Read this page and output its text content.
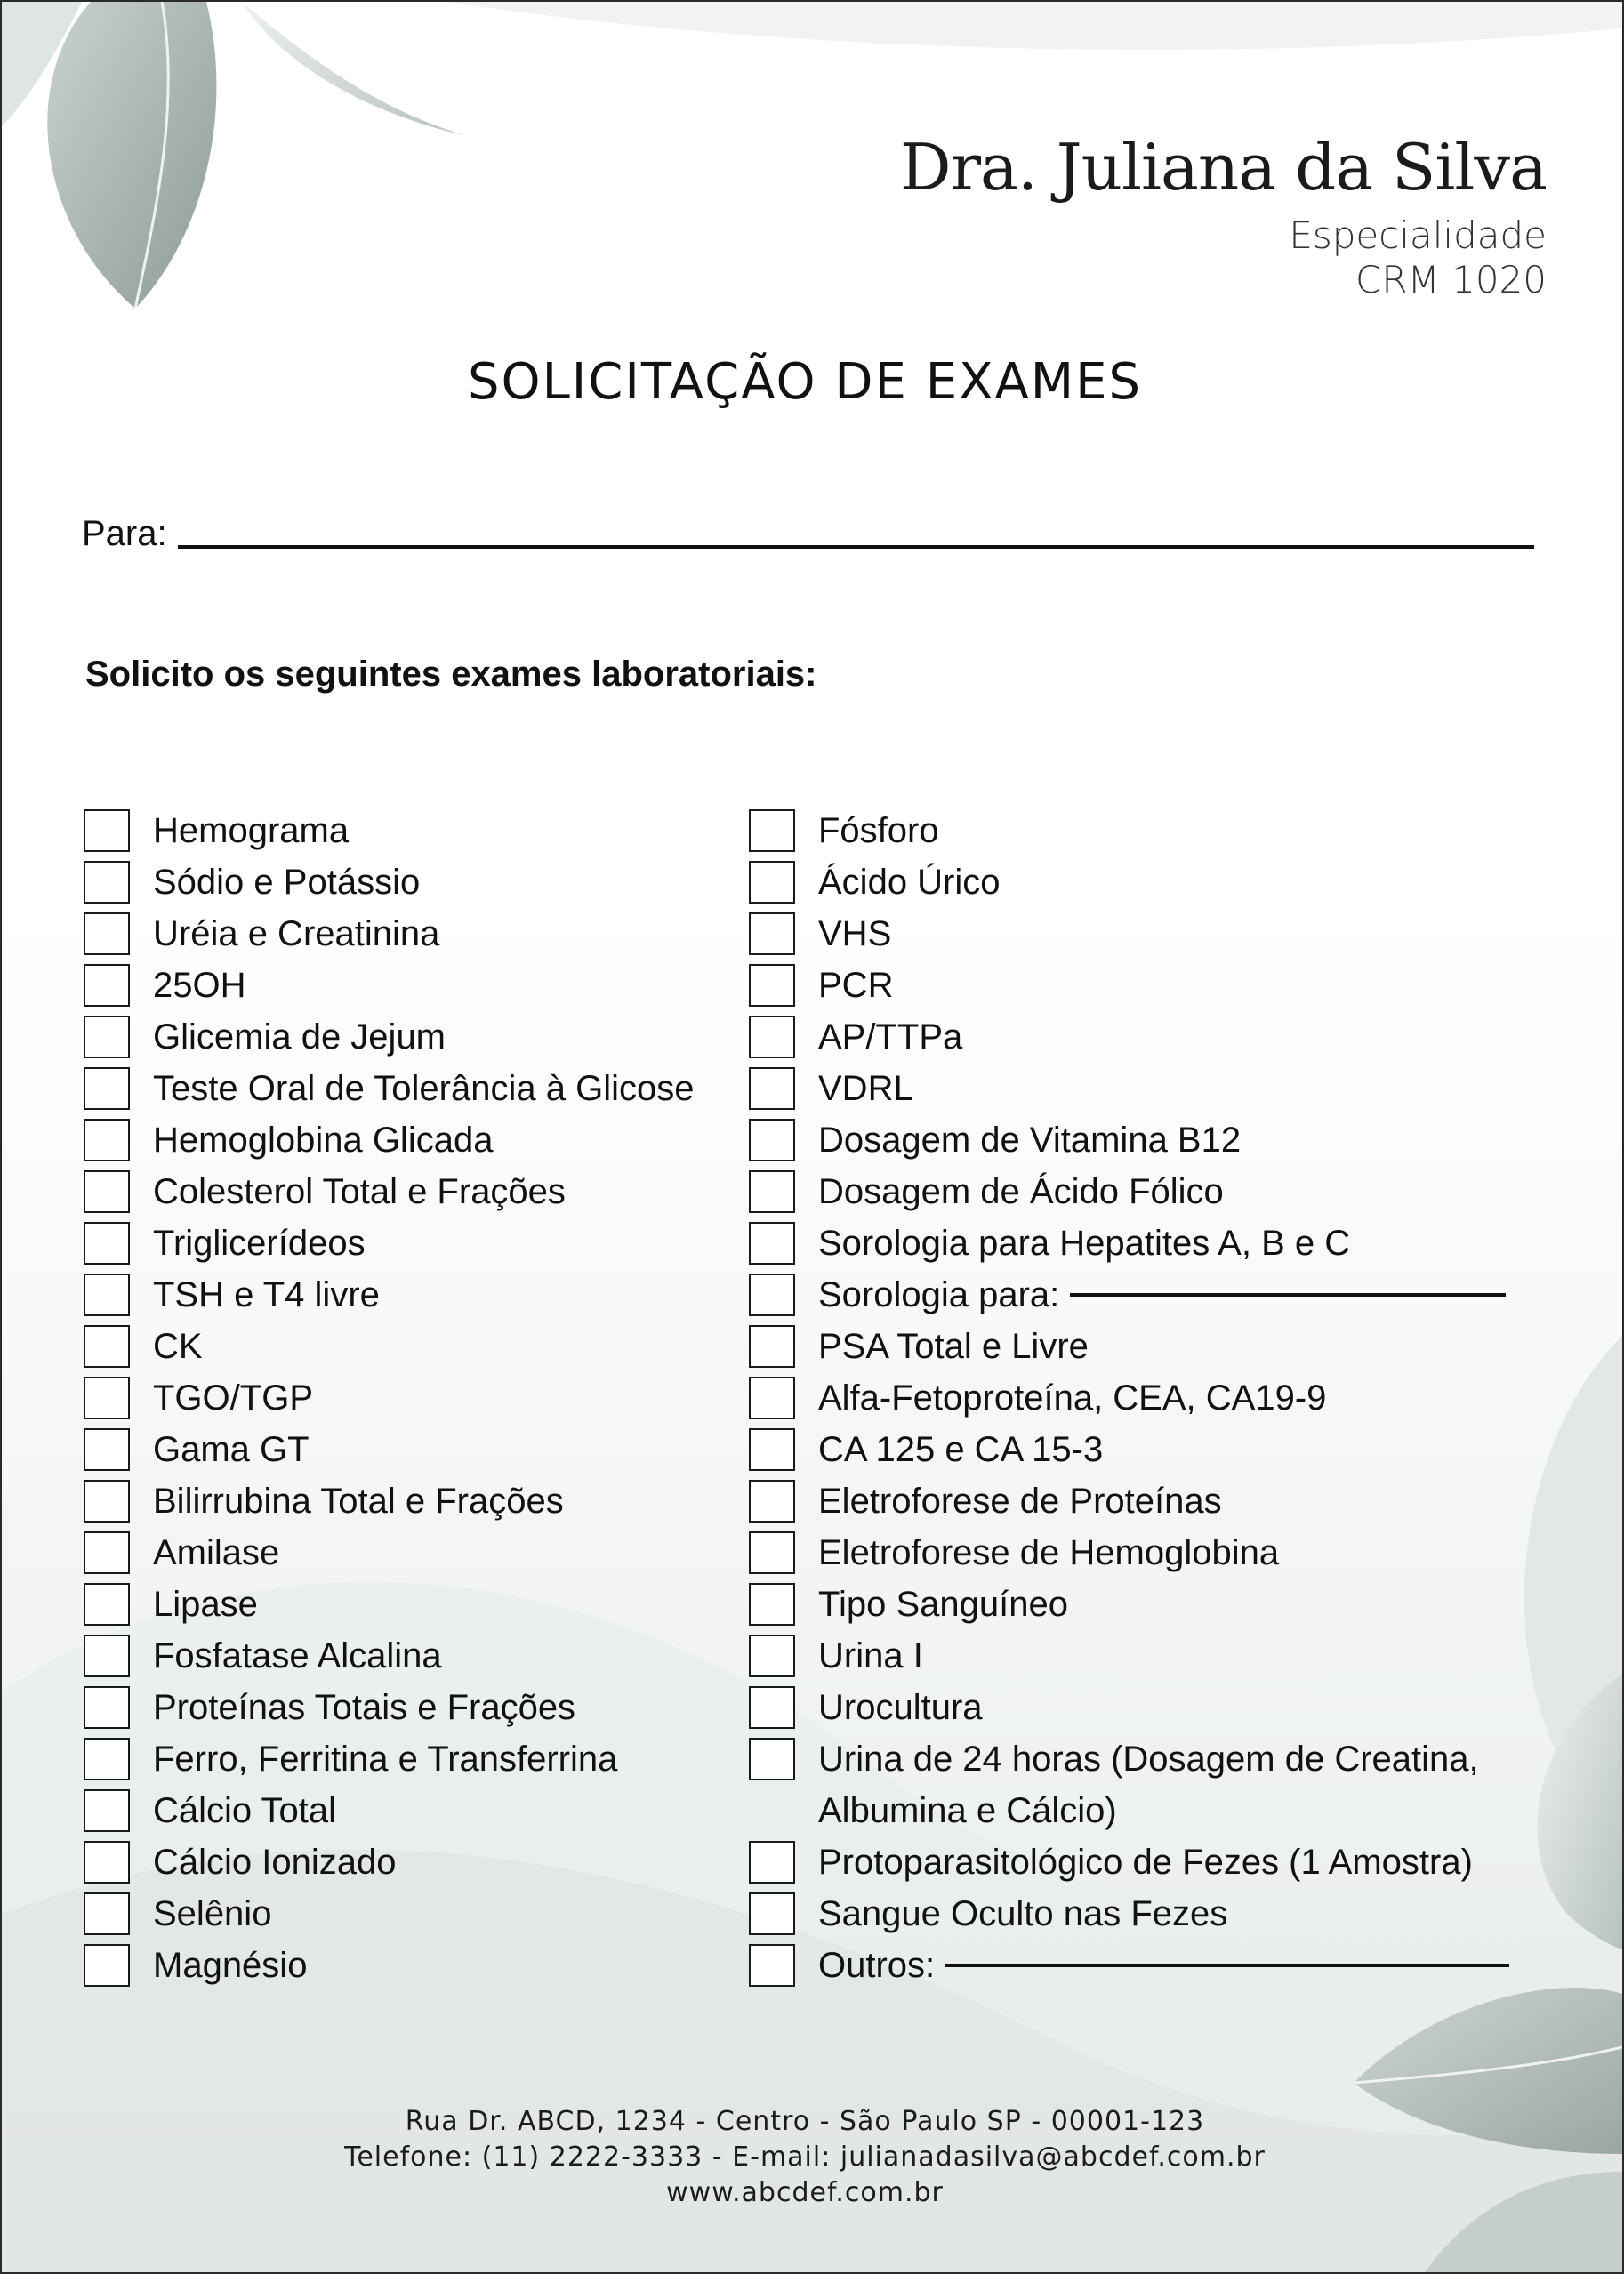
Dra. Juliana da Silva
Especialidade
CRM 1020
SOLICITAÇÃO DE EXAMES
Para:
Solicito os seguintes exames laboratoriais:
Hemograma
Sódio e Potássio
Uréia e Creatinina
25OH
Glicemia de Jejum
Teste Oral de Tolerância à Glicose
Hemoglobina Glicada
Colesterol Total e Frações
Triglicerídeos
TSH e T4 livre
CK
TGO/TGP
Gama GT
Bilirrubina Total e Frações
Amilase
Lipase
Fosfatase Alcalina
Proteínas Totais e Frações
Ferro, Ferritina e Transferrina
Cálcio Total
Cálcio Ionizado
Selênio
Magnésio
Fósforo
Ácido Úrico
VHS
PCR
AP/TTPa
VDRL
Dosagem de Vitamina B12
Dosagem de Ácido Fólico
Sorologia para Hepatites A, B e C
Sorologia para:
PSA Total e Livre
Alfa-Fetoproteína, CEA, CA19-9
CA 125 e CA 15-3
Eletroforese de Proteínas
Eletroforese de Hemoglobina
Tipo Sanguíneo
Urina I
Urocultura
Urina de 24 horas (Dosagem de Creatina,
Albumina e Cálcio)
Protoparasitológico de Fezes (1 Amostra)
Sangue Oculto nas Fezes
Outros:
Rua Dr. ABCD, 1234 - Centro - São Paulo SP - 00001-123
Telefone: (11) 2222-3333 - E-mail: julianadasilva@abcdef.com.br
www.abcdef.com.br
